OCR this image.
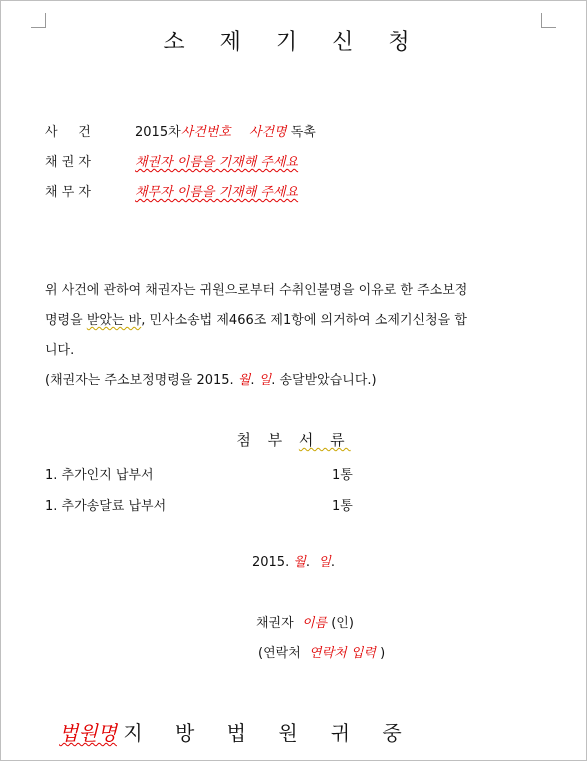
소 제 기 신 청
사     건	2015차사건번호 사건명 독촉
채 권 자	채권자 이름을 기재해 주세요
채 무 자	채무자 이름을 기재해 주세요
위 사건에 관하여 채권자는 귀원으로부터 수취인불명을 이유로 한 주소보정
명령을 받았는 바, 민사소송법 제466조 제1항에 의거하여 소제기신청을 합
니다.
(채권자는 주소보정명령을 2015. 월. 일. 송달받았습니다.)
첨 부 서 류
1. 추가인지 납부서	1통
1. 추가송달료 납부서	1통
2015. 월.  일.
채권자  이름 (인)
(연락처  연락처 입력 )
법원명 지 방 법 원 귀 중
